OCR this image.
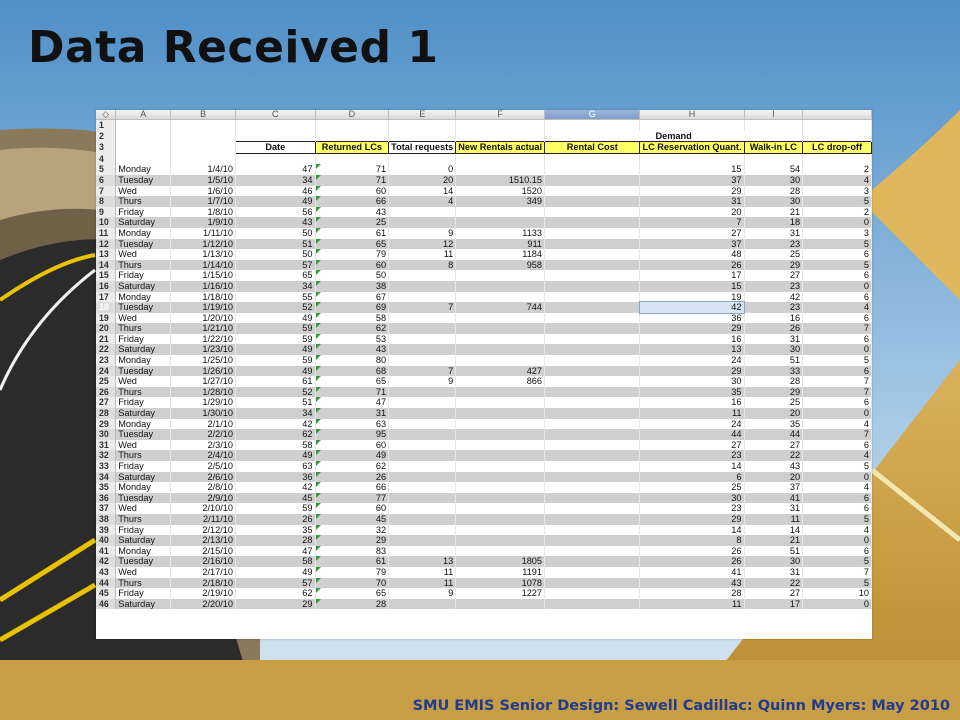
Data Received 1
◇	A	B	C	D	E	F	G	H	I	
1										
2							Demand			
3			Date	Returned LCs	Total requests	New Rentals actual	Rental Cost	LC Reservation Quant.	Walk-in LC	LC drop-off
4										
5	Monday	1/4/10	47	71	0			15	54	2
6	Tuesday	1/5/10	34	71	20	1510.15		37	30	4
7	Wed	1/6/10	46	60	14	1520		29	28	3
8	Thurs	1/7/10	49	66	4	349		31	30	5
9	Friday	1/8/10	56	43				20	21	2
10	Saturday	1/9/10	43	25				7	18	0
11	Monday	1/11/10	50	61	9	1133		27	31	3
12	Tuesday	1/12/10	51	65	12	911		37	23	5
13	Wed	1/13/10	50	79	11	1184		48	25	6
14	Thurs	1/14/10	57	60	8	958		26	29	5
15	Friday	1/15/10	65	50				17	27	6
16	Saturday	1/16/10	34	38				15	23	0
17	Monday	1/18/10	55	67				19	42	6
18	Tuesday	1/19/10	52	69	7	744		42	23	4
19	Wed	1/20/10	49	58				36	16	6
20	Thurs	1/21/10	59	62				29	26	7
21	Friday	1/22/10	59	53				16	31	6
22	Saturday	1/23/10	49	43				13	30	0
23	Monday	1/25/10	59	80				24	51	5
24	Tuesday	1/26/10	49	68	7	427		29	33	6
25	Wed	1/27/10	61	65	9	866		30	28	7
26	Thurs	1/28/10	52	71				35	29	7
27	Friday	1/29/10	51	47				16	25	6
28	Saturday	1/30/10	34	31				11	20	0
29	Monday	2/1/10	42	63				24	35	4
30	Tuesday	2/2/10	62	95				44	44	7
31	Wed	2/3/10	58	60				27	27	6
32	Thurs	2/4/10	49	49				23	22	4
33	Friday	2/5/10	63	62				14	43	5
34	Saturday	2/6/10	36	26				6	20	0
35	Monday	2/8/10	42	66				25	37	4
36	Tuesday	2/9/10	45	77				30	41	6
37	Wed	2/10/10	59	60				23	31	6
38	Thurs	2/11/10	26	45				29	11	5
39	Friday	2/12/10	35	32				14	14	4
40	Saturday	2/13/10	28	29				8	21	0
41	Monday	2/15/10	47	83				26	51	6
42	Tuesday	2/16/10	58	61	13	1805		26	30	5
43	Wed	2/17/10	49	79	11	1191		41	31	7
44	Thurs	2/18/10	57	70	11	1078		43	22	5
45	Friday	2/19/10	62	65	9	1227		28	27	10
46	Saturday	2/20/10	29	28				11	17	0
SMU EMIS Senior Design: Sewell Cadillac: Quinn Myers: May 2010
